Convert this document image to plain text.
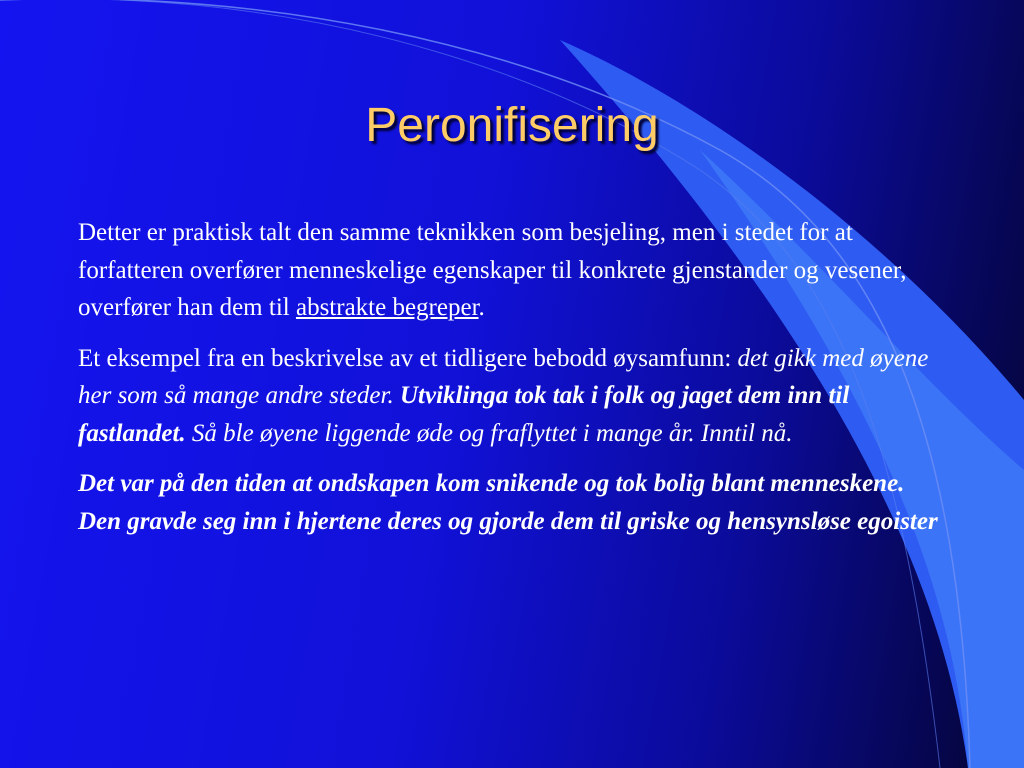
Peronifisering

Detter er praktisk talt den samme teknikken som besjeling, men i stedet for at forfatteren overfører menneskelige egenskaper til konkrete gjenstander og vesener, overfører han dem til abstrakte begreper.

Et eksempel fra en beskrivelse av et tidligere bebodd øysamfunn: det gikk med øyene her som så mange andre steder. Utviklinga tok tak i folk og jaget dem inn til fastlandet. Så ble øyene liggende øde og fraflyttet i mange år. Inntil nå.

Det var på den tiden at ondskapen kom snikende og tok bolig blant menneskene. Den gravde seg inn i hjertene deres og gjorde dem til griske og hensynsløse egoister
